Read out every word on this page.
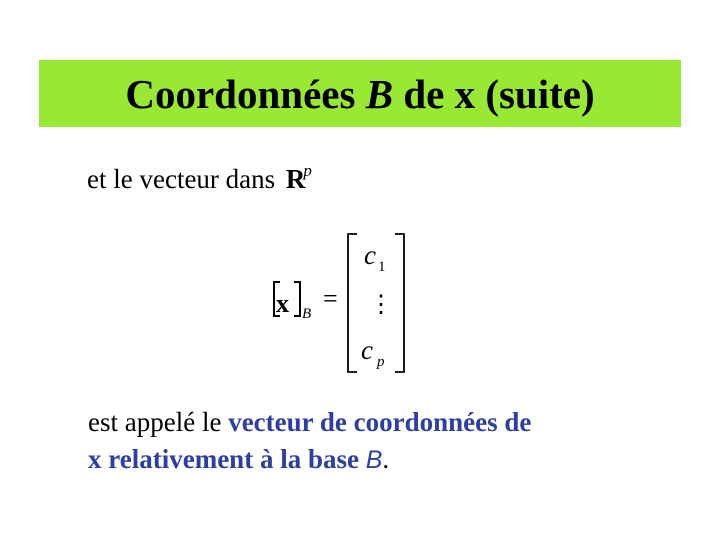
Coordonnées B de x (suite)
et le vecteur dans $R^p$
x B
=
c 1
⋮
c p
est appelé le vecteur de coordonnées de
x relativement à la base B.
